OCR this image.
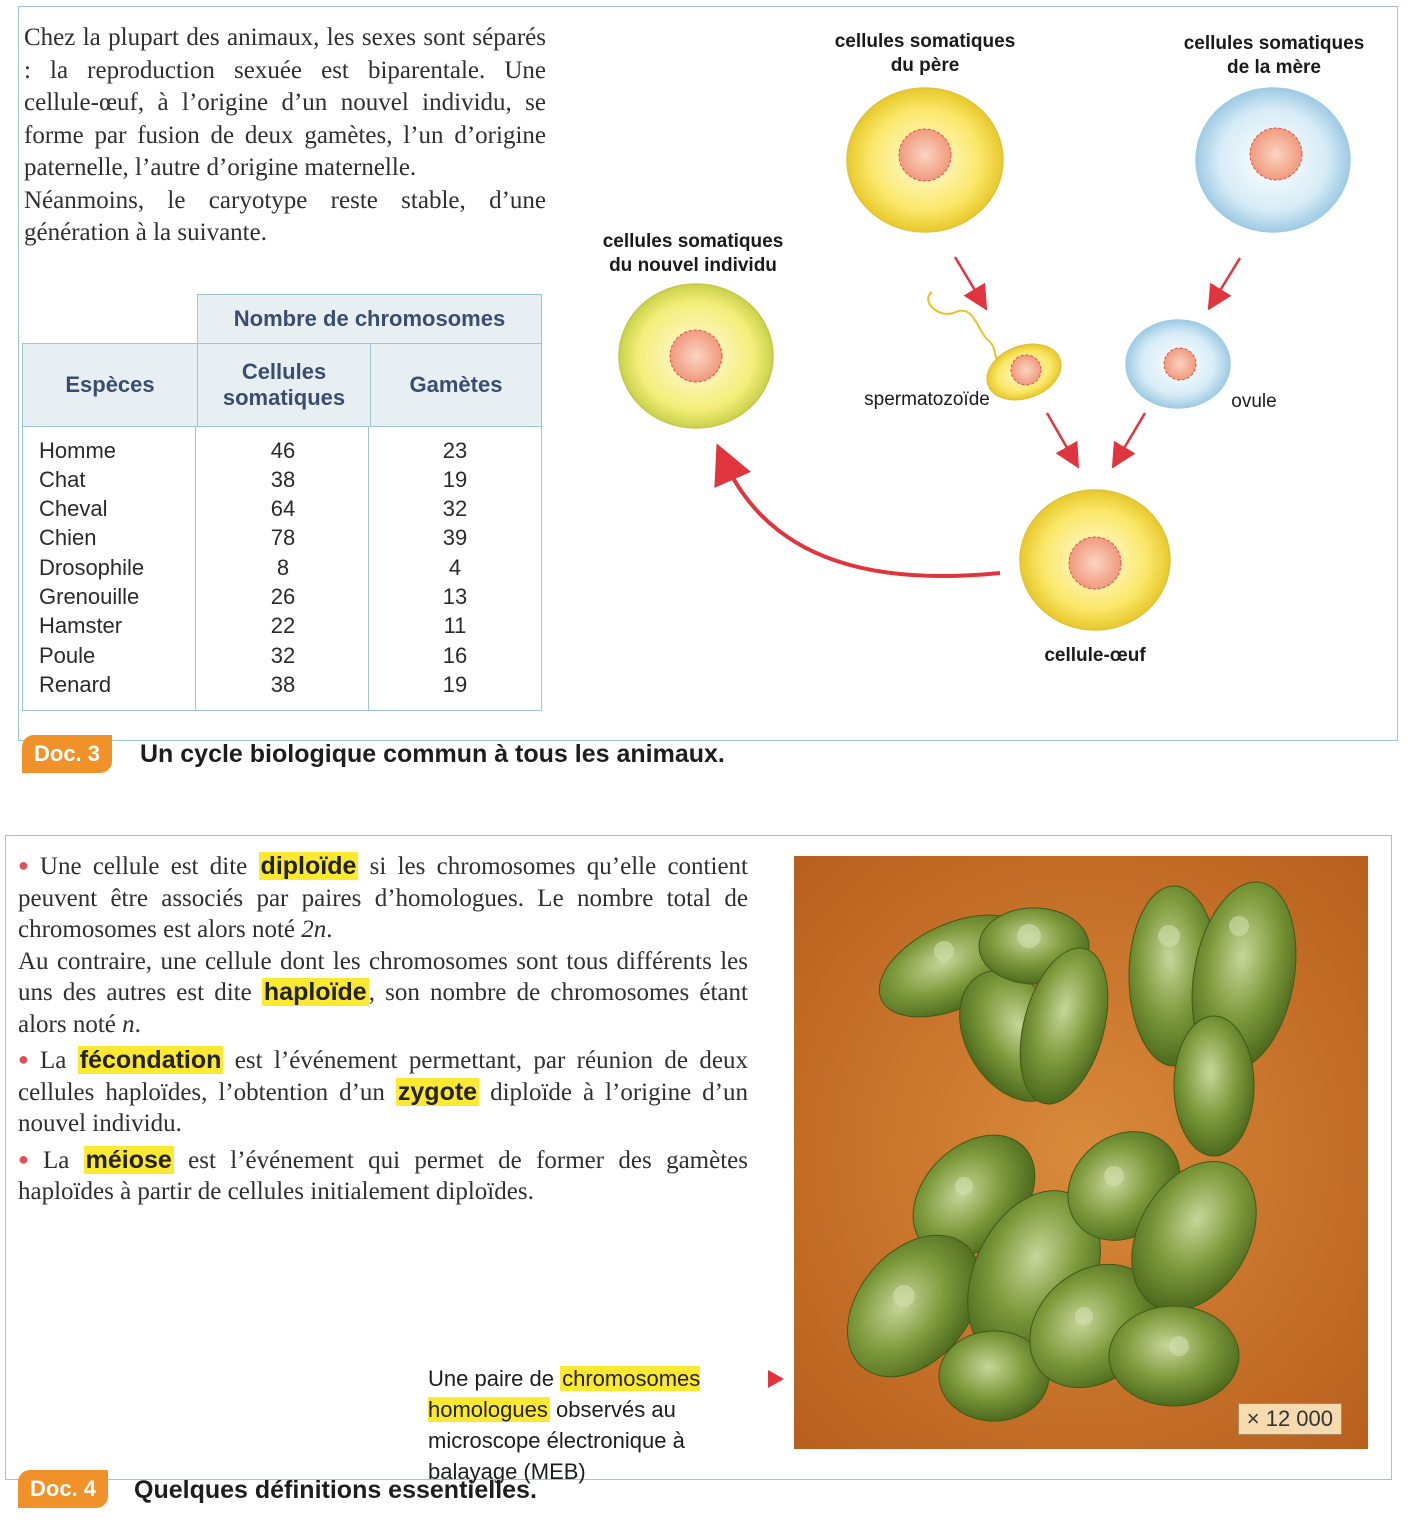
Chez la plupart des animaux, les sexes sont séparés : la reproduction sexuée est biparentale. Une cellule-œuf, à l’origine d’un nouvel individu, se forme par fusion de deux gamètes, l’un d’origine paternelle, l’autre d’origine maternelle.

Néanmoins, le caryotype reste stable, d’une génération à la suivante.

Nombre de chromosomes
Espèces
Cellules somatiques
Gamètes
Homme	46	23
Chat	38	19
Cheval	64	32
Chien	78	39
Drosophile	8	4
Grenouille	26	13
Hamster	22	11
Poule	32	16
Renard	38	19
cellules somatiques
du père
cellules somatiques
de la mère
cellules somatiques
du nouvel individu
spermatozoïde	ovule
cellule-œuf
Doc. 3	Un cycle biologique commun à tous les animaux.

● Une cellule est dite diploïde si les chromosomes qu’elle contient peuvent être associés par paires d’homologues. Le nombre total de chromosomes est alors noté 2n.
Au contraire, une cellule dont les chromosomes sont tous différents les uns des autres est dite haploïde, son nombre de chromosomes étant alors noté n.

● La fécondation est l’événement permettant, par réunion de deux cellules haploïdes, l’obtention d’un zygote diploïde à l’origine d’un nouvel individu.

● La méiose est l’événement qui permet de former des gamètes haploïdes à partir de cellules initialement diploïdes.

Une paire de chromosomes homologues observés au microscope électronique à balayage (MEB)
× 12 000
Doc. 4	Quelques définitions essentielles.
